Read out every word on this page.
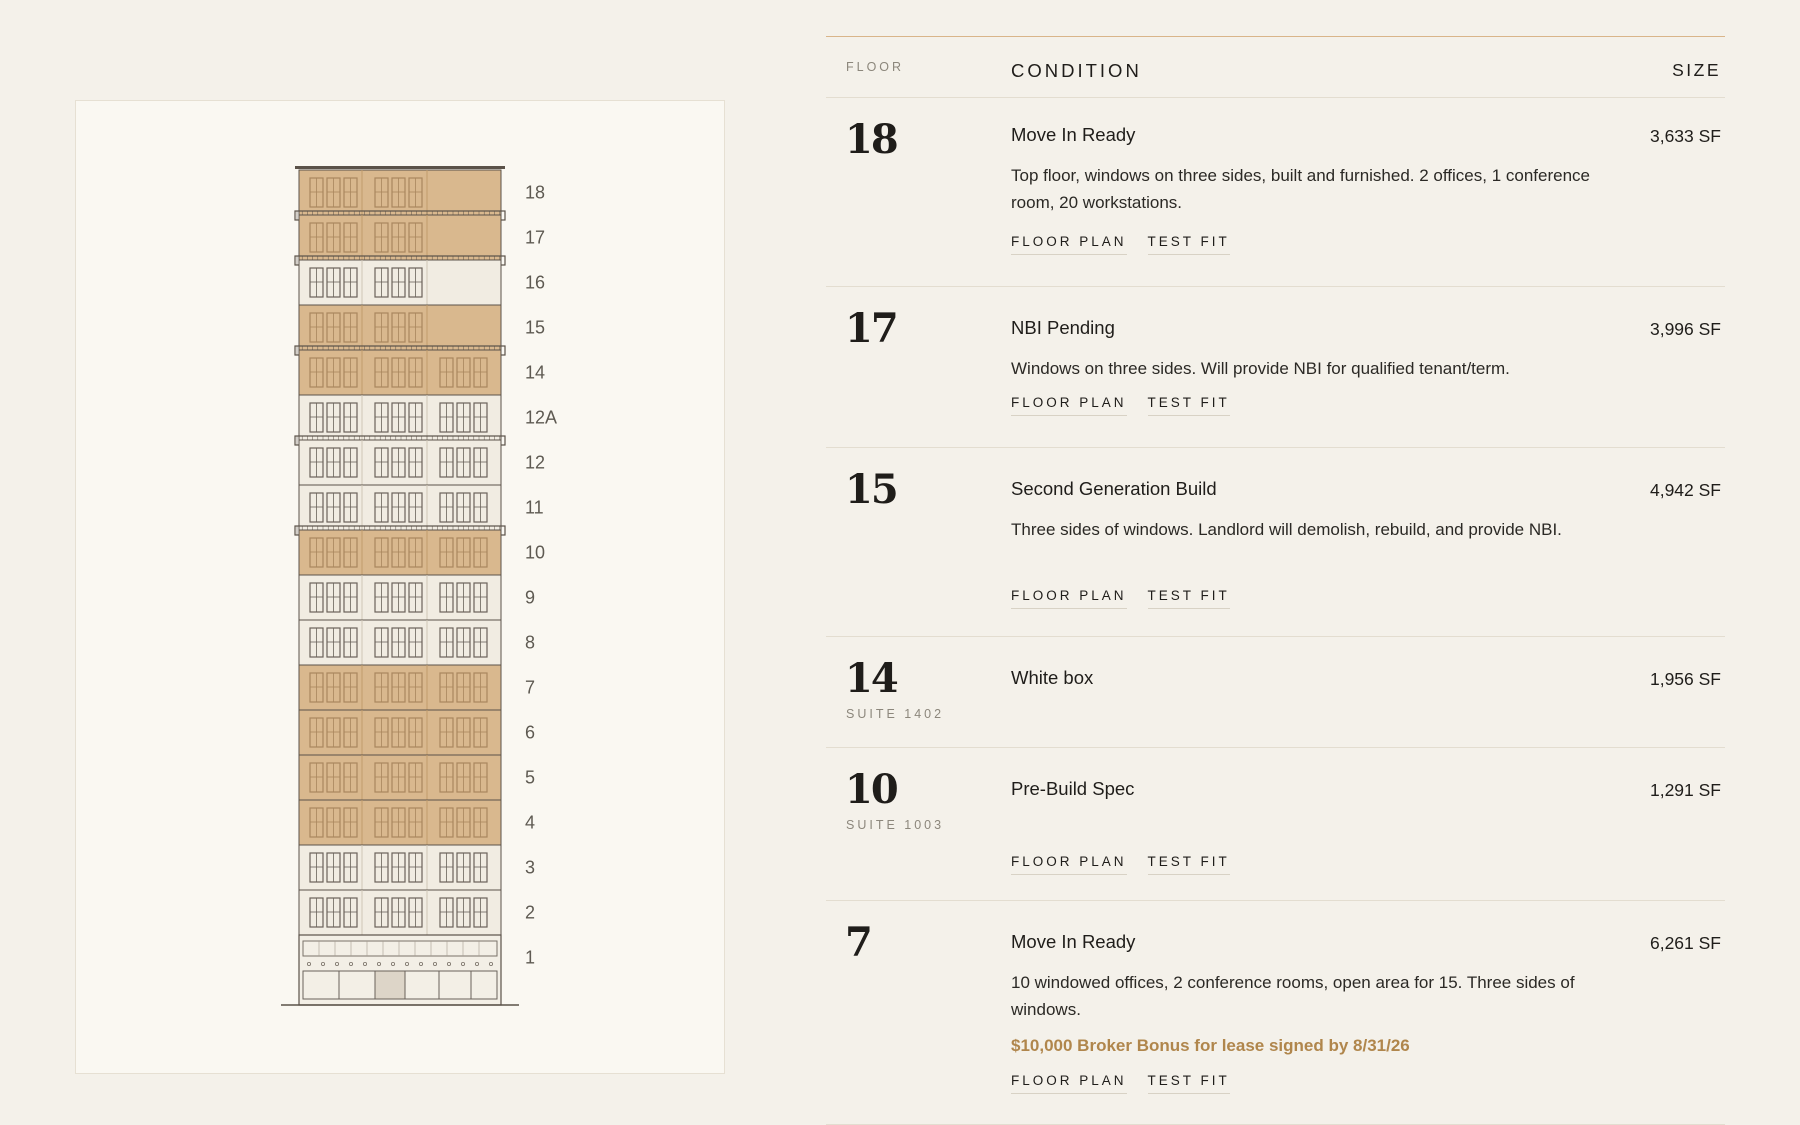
18
17
16
15
14
12A
12
11
10
9
8
7
6
5
4
3
2
1
FLOOR	CONDITION	SIZE
18	Move In Ready
Top floor, windows on three sides, built and furnished. 2 offices, 1 conference room, 20 workstations.
3,633 SF
FLOOR PLAN TEST FIT
17	NBI Pending
Windows on three sides. Will provide NBI for qualified tenant/term.
3,996 SF
FLOOR PLAN TEST FIT
15	Second Generation Build
Three sides of windows. Landlord will demolish, rebuild, and provide NBI.
4,942 SF
FLOOR PLAN TEST FIT
14
SUITE 1402
White box	1,956 SF
10
SUITE 1003
Pre-Build Spec	1,291 SF
FLOOR PLAN TEST FIT
7	Move In Ready
10 windowed offices, 2 conference rooms, open area for 15. Three sides of windows.
$10,000 Broker Bonus for lease signed by 8/31/26
6,261 SF
FLOOR PLAN TEST FIT
